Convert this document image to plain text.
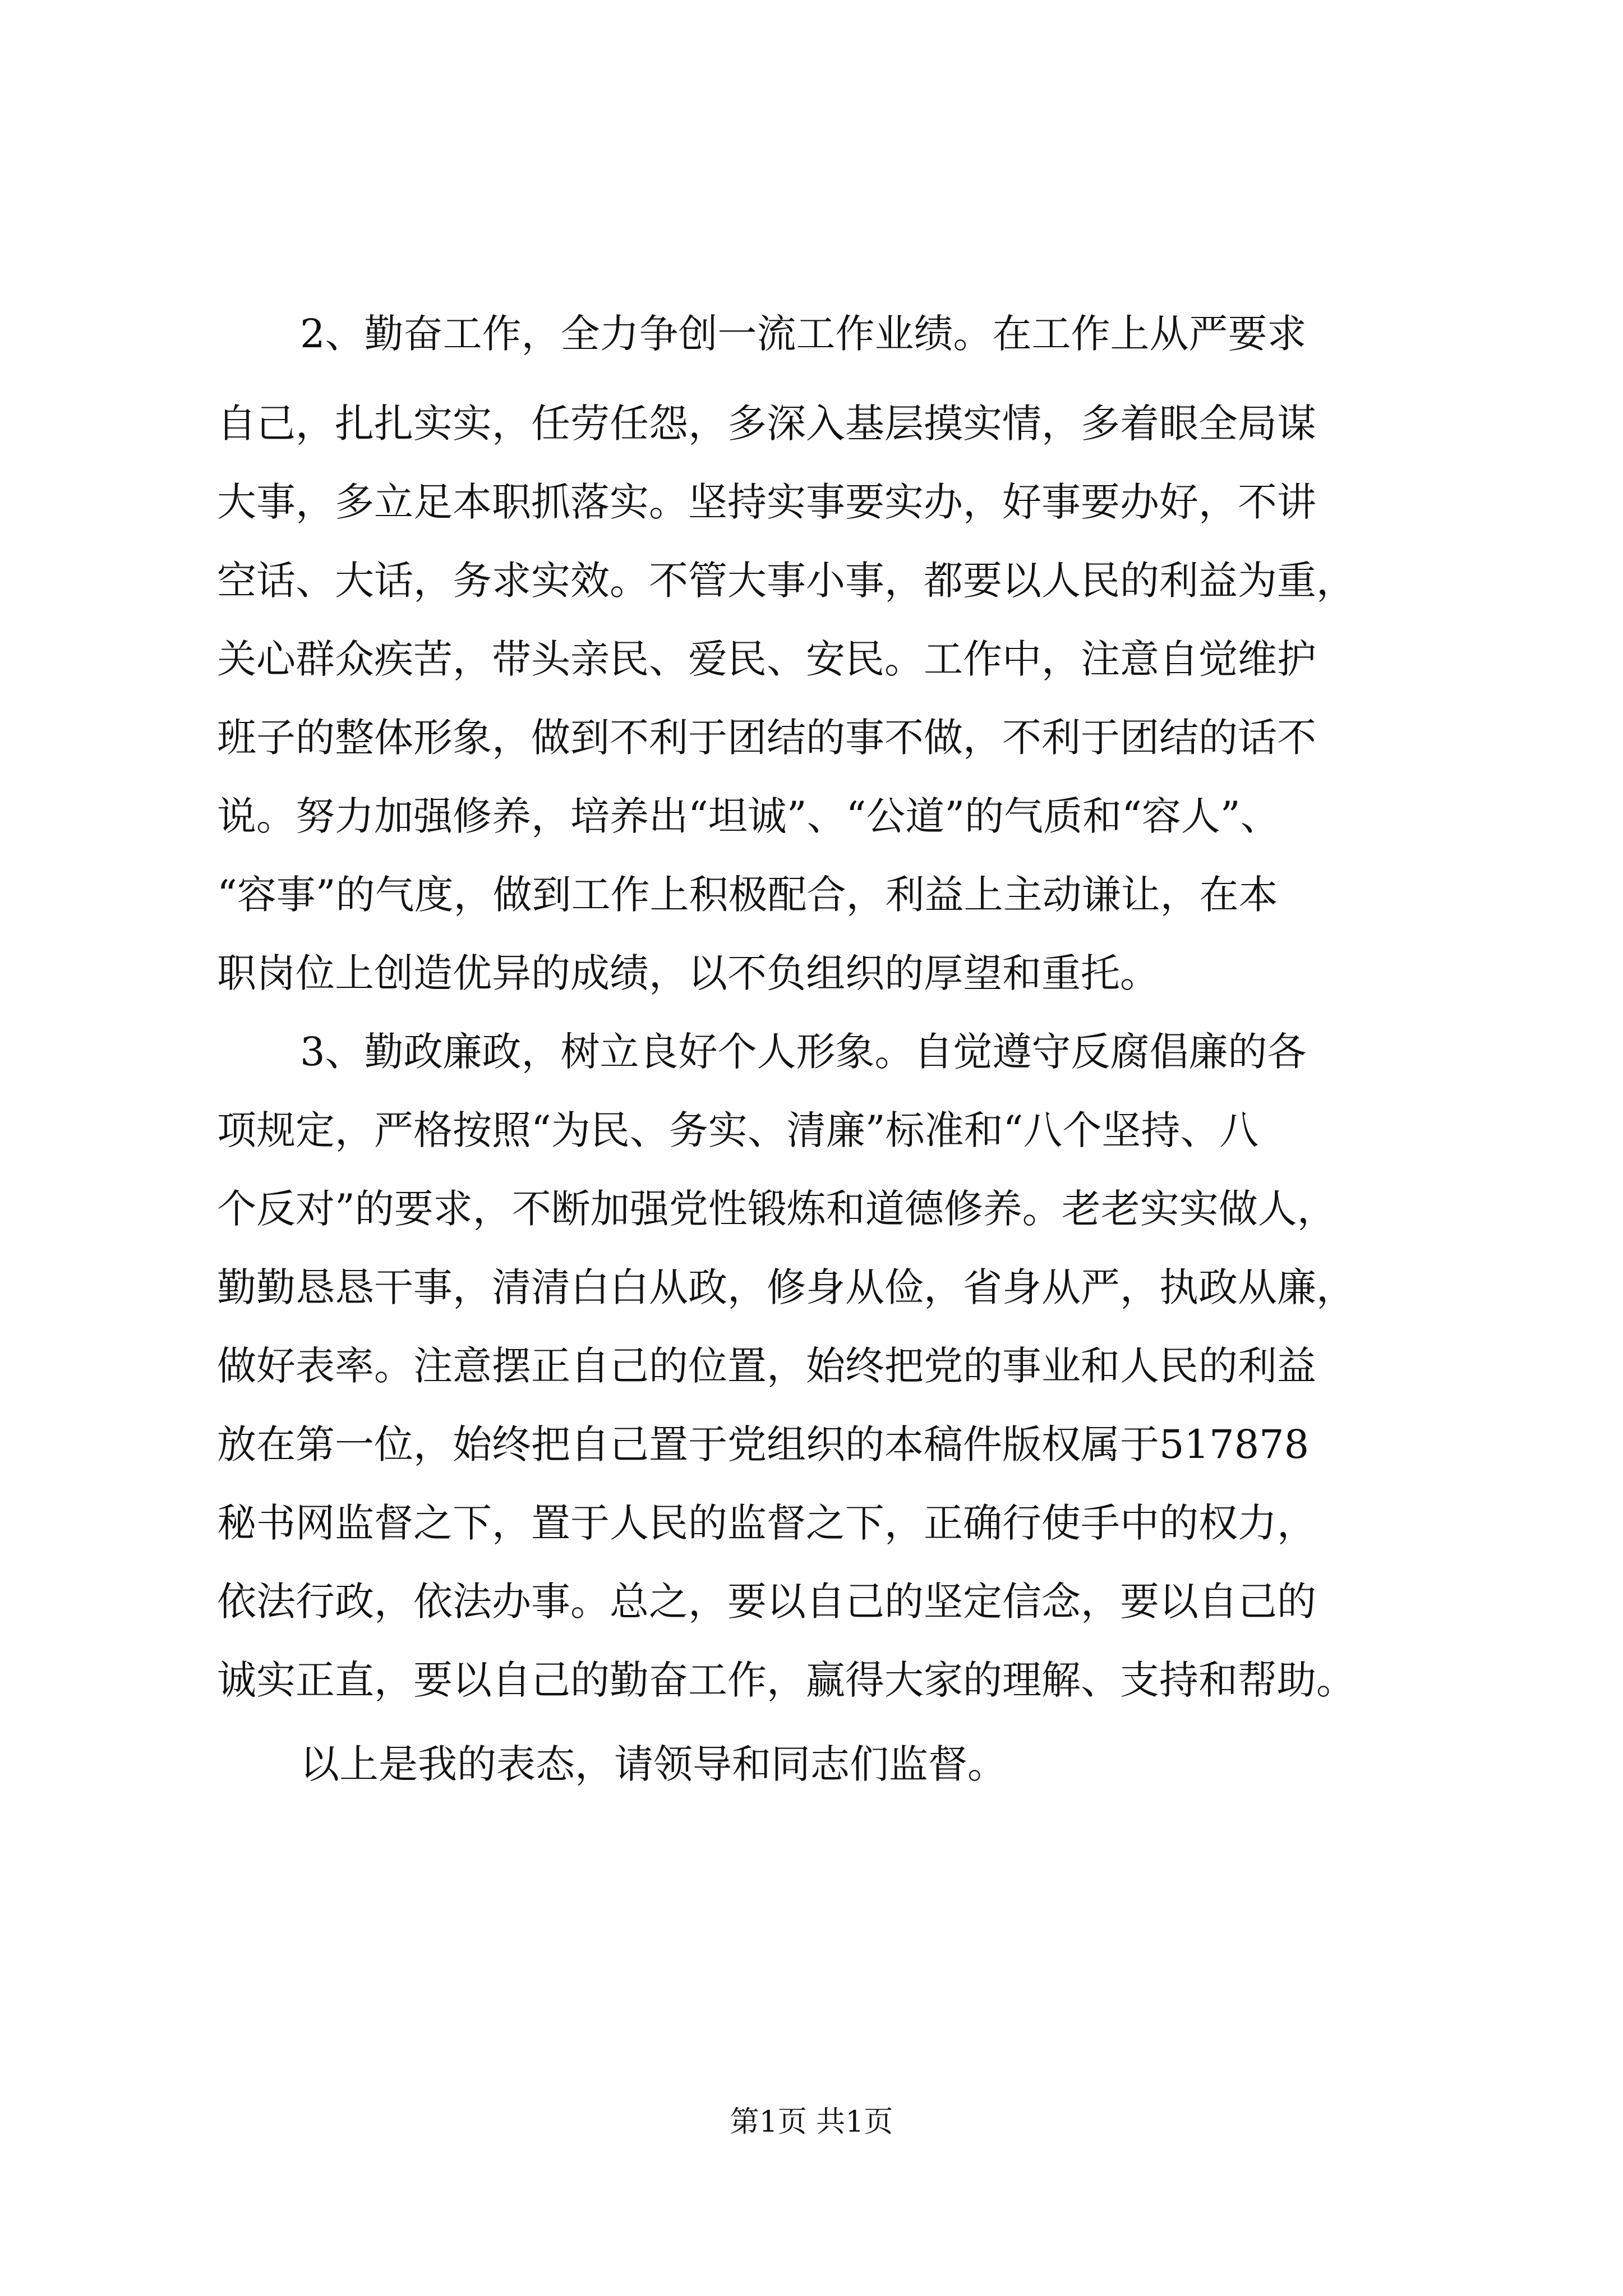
2、勤奋工作，全力争创一流工作业绩。在工作上从严要求
自己，扎扎实实，任劳任怨，多深入基层摸实情，多着眼全局谋
大事，多立足本职抓落实。坚持实事要实办，好事要办好，不讲
空话、大话，务求实效。不管大事小事，都要以人民的利益为重，
关心群众疾苦，带头亲民、爱民、安民。工作中，注意自觉维护
班子的整体形象，做到不利于团结的事不做，不利于团结的话不
说。努力加强修养，培养出“坦诚”、“公道”的气质和“容人”、
“容事”的气度，做到工作上积极配合，利益上主动谦让，在本
职岗位上创造优异的成绩，以不负组织的厚望和重托。
3、勤政廉政，树立良好个人形象。自觉遵守反腐倡廉的各
项规定，严格按照“为民、务实、清廉”标准和“八个坚持、八
个反对”的要求，不断加强党性锻炼和道德修养。老老实实做人，
勤勤恳恳干事，清清白白从政，修身从俭，省身从严，执政从廉，
做好表率。注意摆正自己的位置，始终把党的事业和人民的利益
放在第一位，始终把自己置于党组织的本稿件版权属于517878
秘书网监督之下，置于人民的监督之下，正确行使手中的权力，
依法行政，依法办事。总之，要以自己的坚定信念，要以自己的
诚实正直，要以自己的勤奋工作，赢得大家的理解、支持和帮助。
以上是我的表态，请领导和同志们监督。
第1页 共1页
